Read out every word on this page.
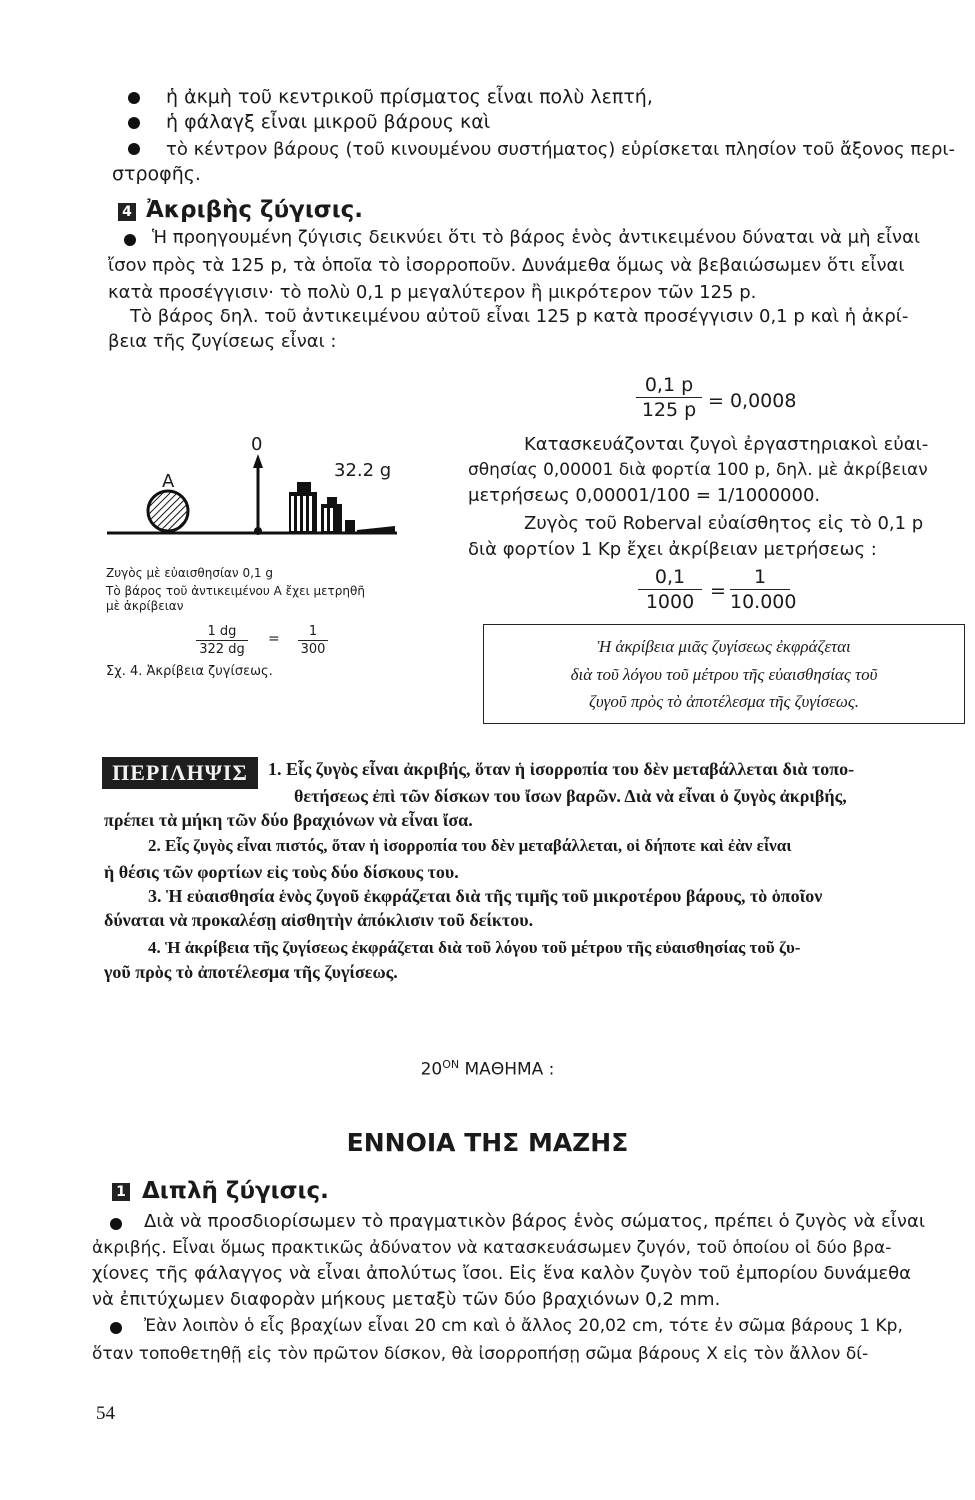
ἡ ἀκμὴ τοῦ κεντρικοῦ πρίσματος εἶναι πολὺ λεπτή,
ἡ φάλαγξ εἶναι μικροῦ βάρους καὶ
τὸ κέντρον βάρους (τοῦ κινουμένου συστήματος) εὑρίσκεται πλησίον τοῦ ἄξονος περι-
στροφῆς.
4 Ἀκριβὴς ζύγισις.
Ἡ προηγουμένη ζύγισις δεικνύει ὅτι τὸ βάρος ἑνὸς ἀντικειμένου δύναται νὰ μὴ εἶναι
ἴσον πρὸς τὰ 125 p, τὰ ὁποῖα τὸ ἰσορροποῦν. Δυνάμεθα ὅμως νὰ βεβαιώσωμεν ὅτι εἶναι
κατὰ προσέγγισιν· τὸ πολὺ 0,1 p μεγαλύτερον ἢ μικρότερον τῶν 125 p.
Τὸ βάρος δηλ. τοῦ ἀντικειμένου αὐτοῦ εἶναι 125 p κατὰ προσέγγισιν 0,1 p καὶ ἡ ἀκρί-
βεια τῆς ζυγίσεως εἶναι :
0,1 p
125 p = 0,0008
Κατασκευάζονται ζυγοὶ ἐργαστηριακοὶ εὐαι-
σθησίας 0,00001 διὰ φορτία 100 p, δηλ. μὲ ἀκρίβειαν
μετρήσεως 0,00001/100 = 1/1000000.
Ζυγὸς τοῦ Roberval εὐαίσθητος εἰς τὸ 0,1 p
διὰ φορτίον 1 Kp ἔχει ἀκρίβειαν μετρήσεως :
0,1
1000 =
1
10.000
Ἡ ἀκρίβεια μιᾶς ζυγίσεως ἐκφράζεται
διὰ τοῦ λόγου τοῦ μέτρου τῆς εὐαισθησίας τοῦ
ζυγοῦ πρὸς τὸ ἀποτέλεσμα τῆς ζυγίσεως.
0
A
32.2 g
Ζυγὸς μὲ εὐαισθησίαν 0,1 g
Τὸ βάρος τοῦ ἀντικειμένου Α ἔχει μετρηθῆ
μὲ ἀκρίβειαν
1 dg
322 dg
=	1
300
Σχ. 4. Ἀκρίβεια ζυγίσεως.
ΠΕΡΙΛΗΨΙΣ	1. Εἷς ζυγὸς εἶναι ἀκριβής, ὅταν ἡ ἰσορροπία του δὲν μεταβάλλεται διὰ τοπο-
θετήσεως ἐπὶ τῶν δίσκων του ἴσων βαρῶν. Διὰ νὰ εἶναι ὁ ζυγὸς ἀκριβής,
πρέπει τὰ μήκη τῶν δύο βραχιόνων νὰ εἶναι ἴσα.
2. Εἷς ζυγὸς εἶναι πιστός, ὅταν ἡ ἰσορροπία του δὲν μεταβάλλεται, οἱ δήποτε καὶ ἐὰν εἶναι
ἡ θέσις τῶν φορτίων εἰς τοὺς δύο δίσκους του.
3. Ἡ εὐαισθησία ἑνὸς ζυγοῦ ἐκφράζεται διὰ τῆς τιμῆς τοῦ μικροτέρου βάρους, τὸ ὁποῖον
δύναται νὰ προκαλέσῃ αἰσθητὴν ἀπόκλισιν τοῦ δείκτου.
4. Ἡ ἀκρίβεια τῆς ζυγίσεως ἐκφράζεται διὰ τοῦ λόγου τοῦ μέτρου τῆς εὐαισθησίας τοῦ ζυ-
γοῦ πρὸς τὸ ἀποτέλεσμα τῆς ζυγίσεως.
$20^{ON}$ ΜΑΘΗΜΑ :
ΕΝΝΟΙΑ ΤΗΣ ΜΑΖΗΣ
1 Διπλῆ ζύγισις.
Διὰ νὰ προσδιορίσωμεν τὸ πραγματικὸν βάρος ἑνὸς σώματος, πρέπει ὁ ζυγὸς νὰ εἶναι
ἀκριβής. Εἶναι ὅμως πρακτικῶς ἀδύνατον νὰ κατασκευάσωμεν ζυγόν, τοῦ ὁποίου οἱ δύο βρα-
χίονες τῆς φάλαγγος νὰ εἶναι ἀπολύτως ἴσοι. Εἰς ἕνα καλὸν ζυγὸν τοῦ ἐμπορίου δυνάμεθα
νὰ ἐπιτύχωμεν διαφορὰν μήκους μεταξὺ τῶν δύο βραχιόνων 0,2 mm.
Ἐὰν λοιπὸν ὁ εἷς βραχίων εἶναι 20 cm καὶ ὁ ἄλλος 20,02 cm, τότε ἐν σῶμα βάρους 1 Kp,
ὅταν τοποθετηθῇ εἰς τὸν πρῶτον δίσκον, θὰ ἰσορροπήσῃ σῶμα βάρους Χ εἰς τὸν ἄλλον δί-
54
